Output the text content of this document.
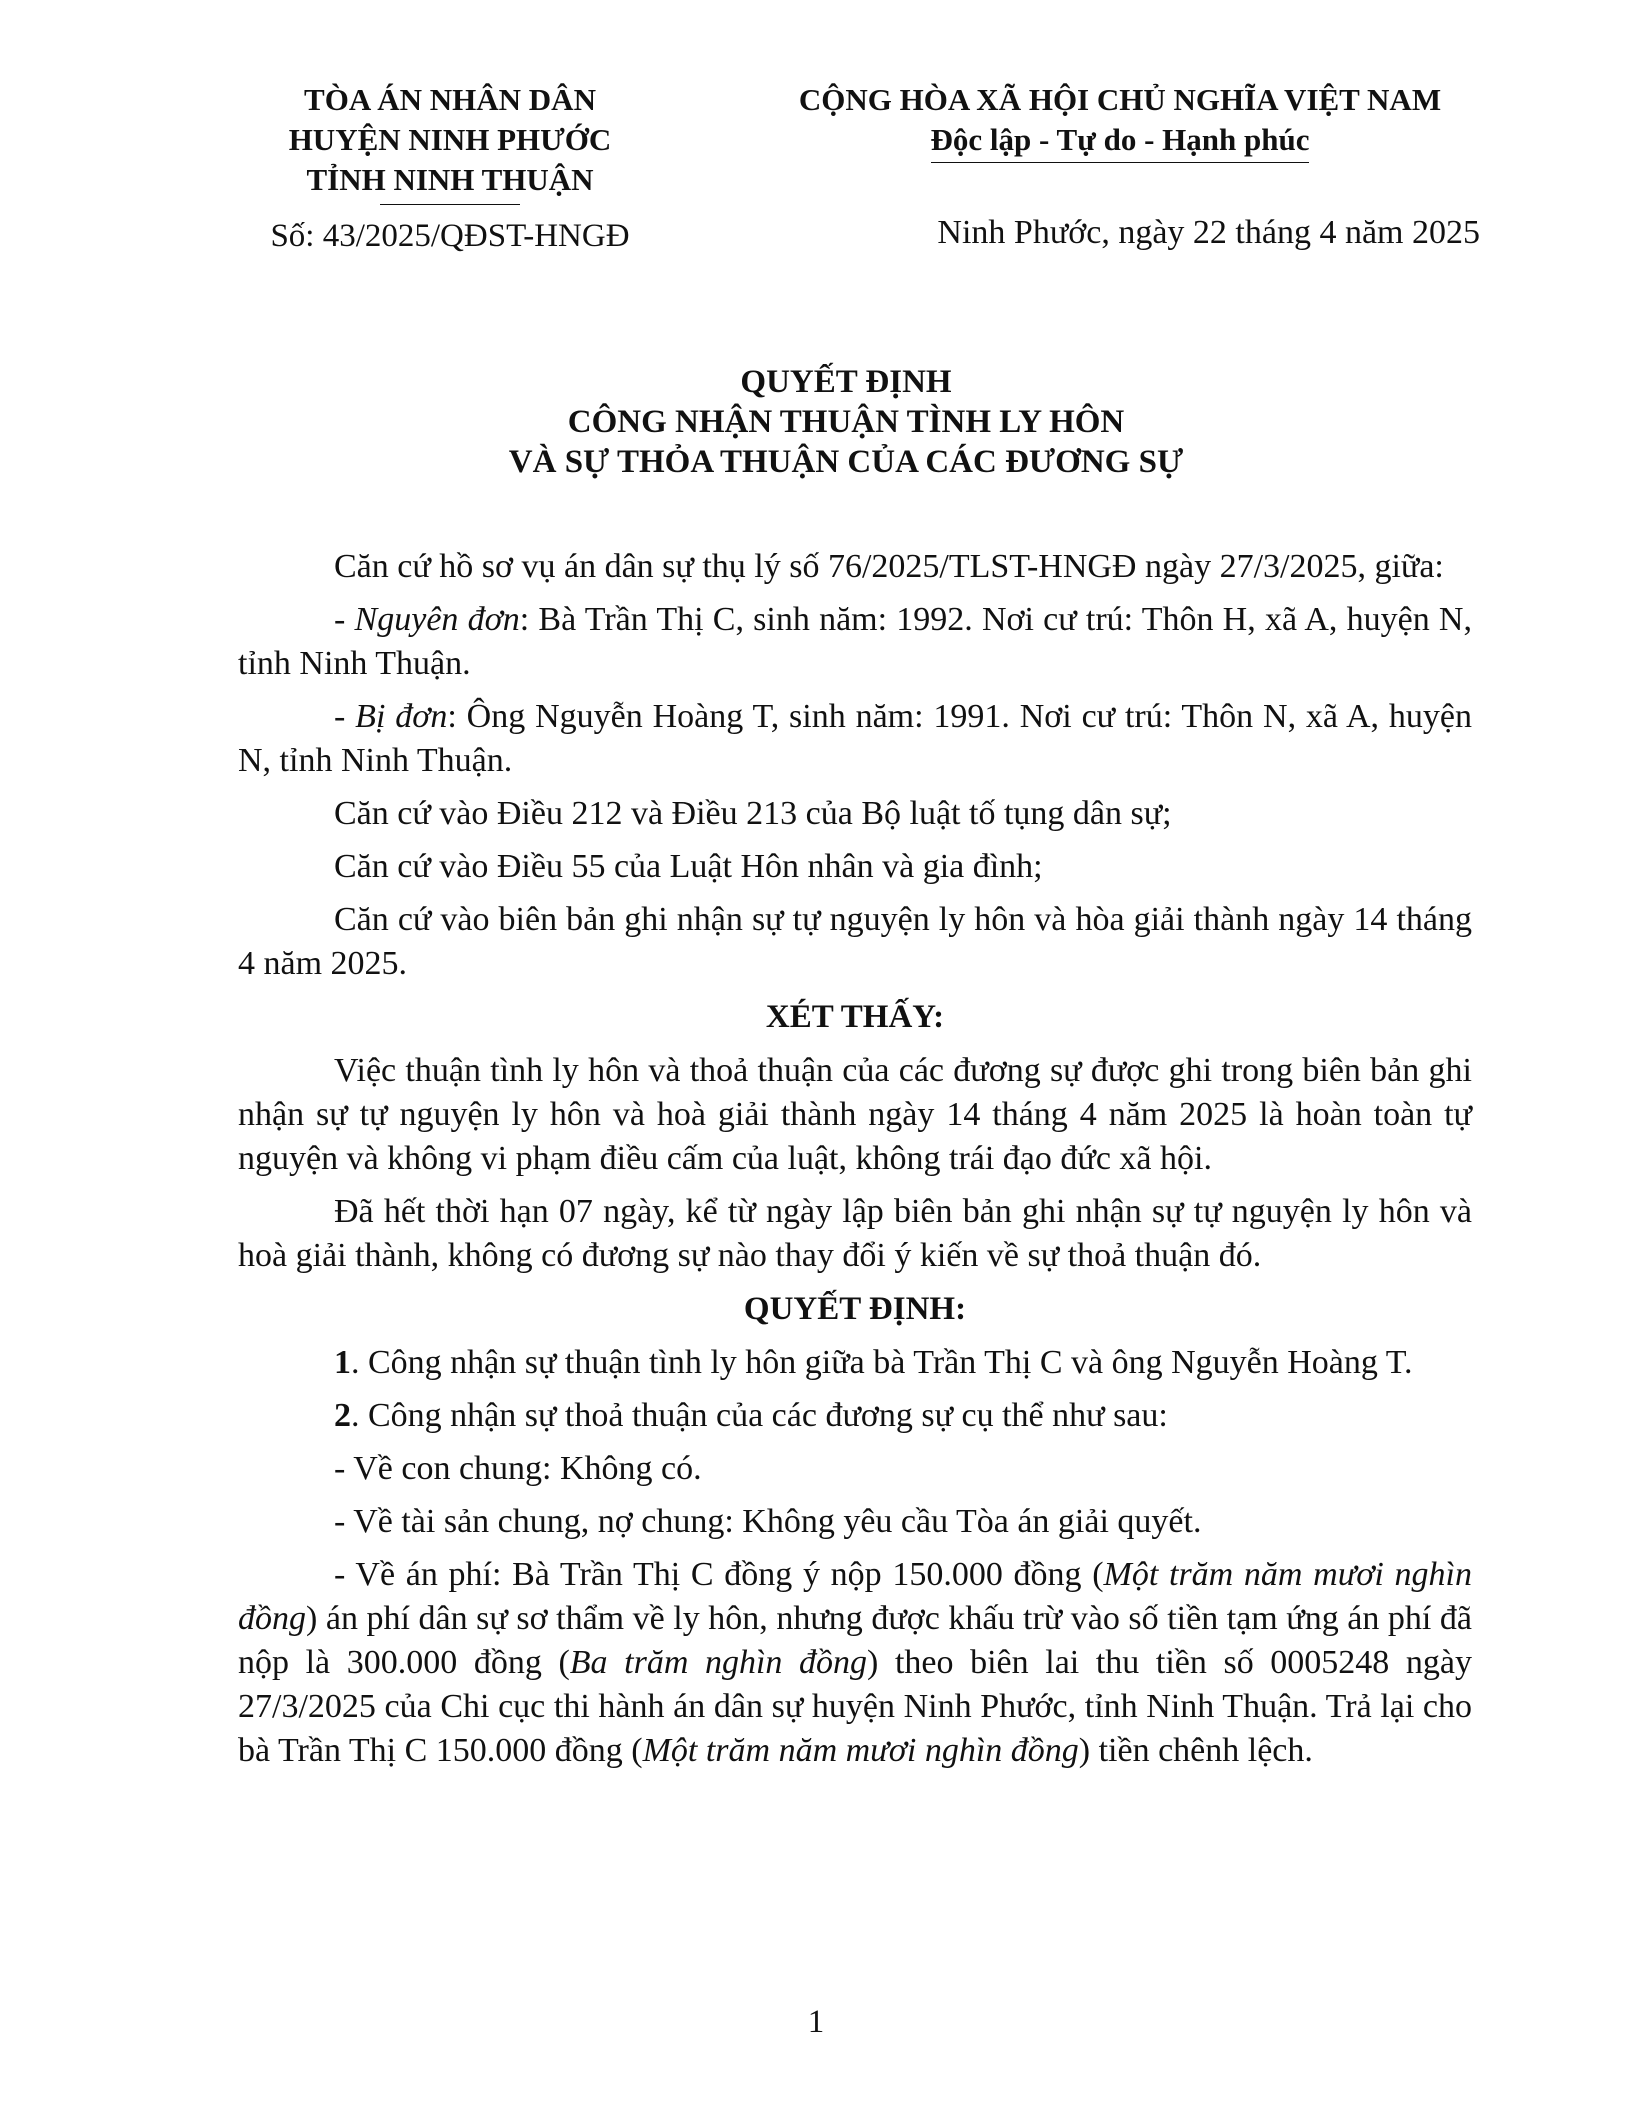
TÒA ÁN NHÂN DÂN
HUYỆN NINH PHƯỚC
TỈNH NINH THUẬN
CỘNG HÒA XÃ HỘI CHỦ NGHĨA VIỆT NAM
Độc lập - Tự do - Hạnh phúc
Số: 43/2025/QĐST-HNGĐ	Ninh Phước, ngày 22 tháng 4 năm 2025
QUYẾT ĐỊNH
CÔNG NHẬN THUẬN TÌNH LY HÔN
VÀ SỰ THỎA THUẬN CỦA CÁC ĐƯƠNG SỰ

Căn cứ hồ sơ vụ án dân sự thụ lý số 76/2025/TLST-HNGĐ ngày 27/3/2025, giữa:

- Nguyên đơn: Bà Trần Thị C, sinh năm: 1992. Nơi cư trú: Thôn H, xã A, huyện N, tỉnh Ninh Thuận.

- Bị đơn: Ông Nguyễn Hoàng T, sinh năm: 1991. Nơi cư trú: Thôn N, xã A, huyện N, tỉnh Ninh Thuận.

Căn cứ vào Điều 212 và Điều 213 của Bộ luật tố tụng dân sự;

Căn cứ vào Điều 55 của Luật Hôn nhân và gia đình;

Căn cứ vào biên bản ghi nhận sự tự nguyện ly hôn và hòa giải thành ngày 14 tháng 4 năm 2025.

XÉT THẤY:

Việc thuận tình ly hôn và thoả thuận của các đương sự được ghi trong biên bản ghi nhận sự tự nguyện ly hôn và hoà giải thành ngày 14 tháng 4 năm 2025 là hoàn toàn tự nguyện và không vi phạm điều cấm của luật, không trái đạo đức xã hội.

Đã hết thời hạn 07 ngày, kể từ ngày lập biên bản ghi nhận sự tự nguyện ly hôn và hoà giải thành, không có đương sự nào thay đổi ý kiến về sự thoả thuận đó.

QUYẾT ĐỊNH:

1. Công nhận sự thuận tình ly hôn giữa bà Trần Thị C và ông Nguyễn Hoàng T.

2. Công nhận sự thoả thuận của các đương sự cụ thể như sau:

- Về con chung: Không có.

- Về tài sản chung, nợ chung: Không yêu cầu Tòa án giải quyết.

- Về án phí: Bà Trần Thị C đồng ý nộp 150.000 đồng (Một trăm năm mươi nghìn đồng) án phí dân sự sơ thẩm về ly hôn, nhưng được khấu trừ vào số tiền tạm ứng án phí đã nộp là 300.000 đồng (Ba trăm nghìn đồng) theo biên lai thu tiền số 0005248 ngày 27/3/2025 của Chi cục thi hành án dân sự huyện Ninh Phước, tỉnh Ninh Thuận. Trả lại cho bà Trần Thị C 150.000 đồng (Một trăm năm mươi nghìn đồng) tiền chênh lệch.

1
